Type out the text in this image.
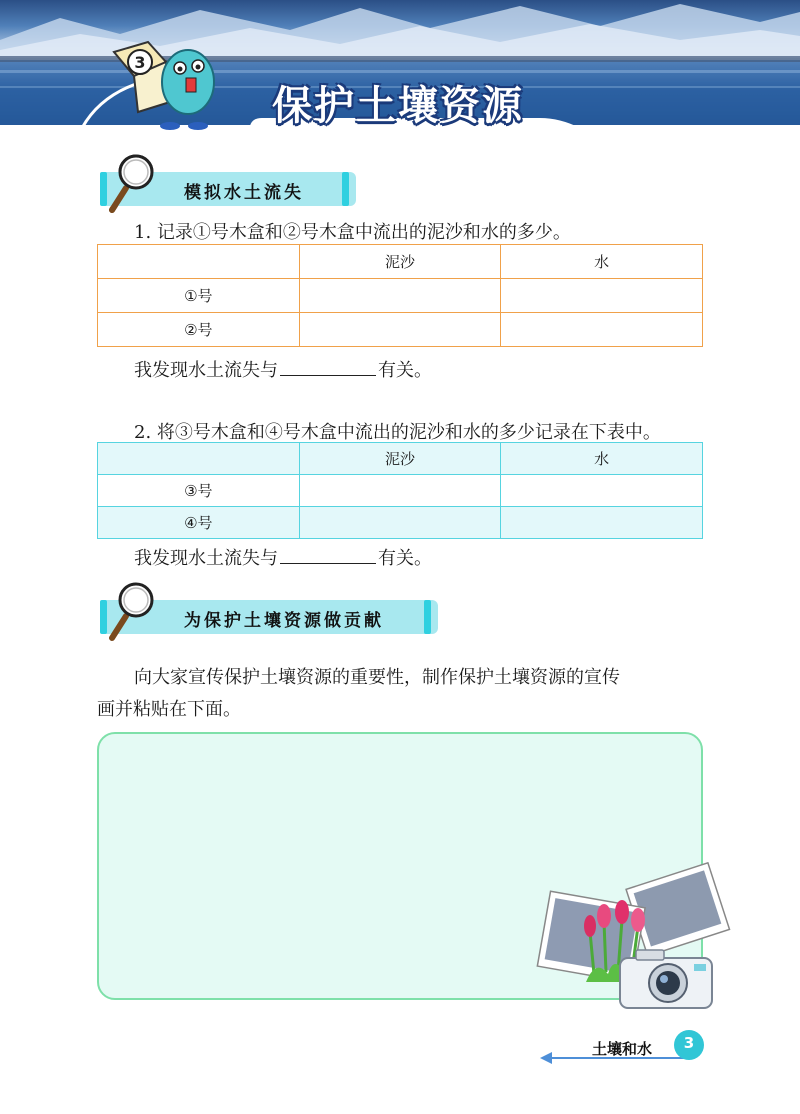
保护土壤资源
3
模拟水土流失
1. 记录①号木盒和②号木盒中流出的泥沙和水的多少。
	泥沙	水
①号		
②号		
我发现水土流失与	有关。
2. 将③号木盒和④号木盒中流出的泥沙和水的多少记录在下表中。
	泥沙	水
③号		
④号		
我发现水土流失与	有关。
为保护土壤资源做贡献
向大家宣传保护土壤资源的重要性，制作保护土壤资源的宣传
画并粘贴在下面。
土壤和水	3
